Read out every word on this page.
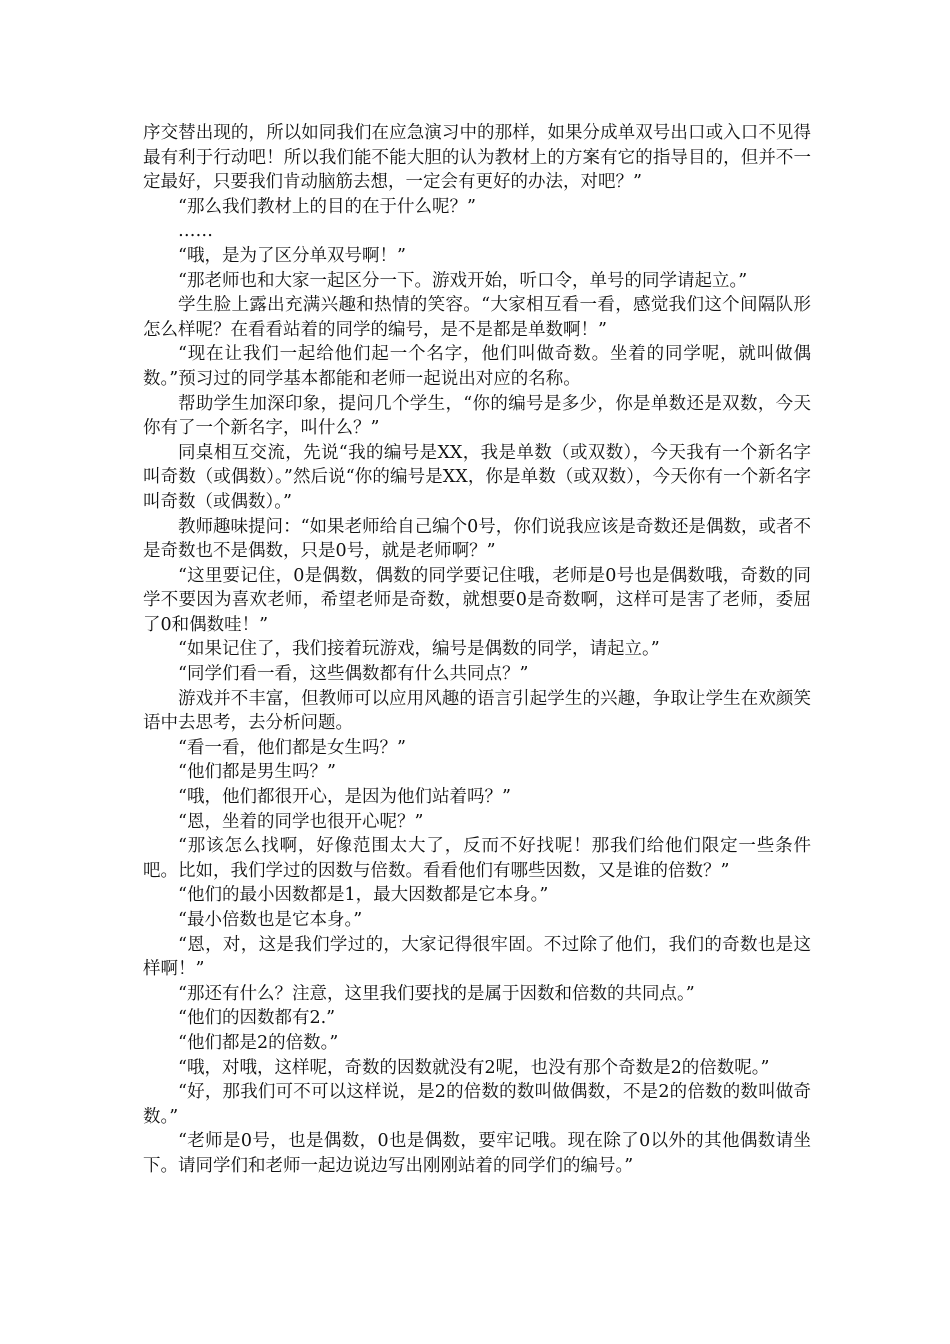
序交替出现的，所以如同我们在应急演习中的那样，如果分成单双号出口或入口不见得最有利于行动吧！所以我们能不能大胆的认为教材上的方案有它的指导目的，但并不一定最好，只要我们肯动脑筋去想，一定会有更好的办法，对吧？”

“那么我们教材上的目的在于什么呢？”

……

“哦，是为了区分单双号啊！”

“那老师也和大家一起区分一下。游戏开始，听口令，单号的同学请起立。”

学生脸上露出充满兴趣和热情的笑容。“大家相互看一看，感觉我们这个间隔队形怎么样呢？在看看站着的同学的编号，是不是都是单数啊！”

“现在让我们一起给他们起一个名字，他们叫做奇数。坐着的同学呢，就叫做偶数。”预习过的同学基本都能和老师一起说出对应的名称。

帮助学生加深印象，提问几个学生，“你的编号是多少，你是单数还是双数，今天你有了一个新名字，叫什么？”

同桌相互交流，先说“我的编号是XX，我是单数（或双数），今天我有一个新名字叫奇数（或偶数）。”然后说“你的编号是XX，你是单数（或双数），今天你有一个新名字叫奇数（或偶数）。”

教师趣味提问：“如果老师给自己编个0号，你们说我应该是奇数还是偶数，或者不是奇数也不是偶数，只是0号，就是老师啊？”

“这里要记住，0是偶数，偶数的同学要记住哦，老师是0号也是偶数哦，奇数的同学不要因为喜欢老师，希望老师是奇数，就想要0是奇数啊，这样可是害了老师，委屈了0和偶数哇！”

“如果记住了，我们接着玩游戏，编号是偶数的同学，请起立。”

“同学们看一看，这些偶数都有什么共同点？”

游戏并不丰富，但教师可以应用风趣的语言引起学生的兴趣，争取让学生在欢颜笑语中去思考，去分析问题。

“看一看，他们都是女生吗？”

“他们都是男生吗？”

“哦，他们都很开心，是因为他们站着吗？”

“恩，坐着的同学也很开心呢？”

“那该怎么找啊，好像范围太大了，反而不好找呢！那我们给他们限定一些条件吧。比如，我们学过的因数与倍数。看看他们有哪些因数，又是谁的倍数？”

“他们的最小因数都是1，最大因数都是它本身。”

“最小倍数也是它本身。”

“恩，对，这是我们学过的，大家记得很牢固。不过除了他们，我们的奇数也是这样啊！”

“那还有什么？注意，这里我们要找的是属于因数和倍数的共同点。”

“他们的因数都有2.”

“他们都是2的倍数。”

“哦，对哦，这样呢，奇数的因数就没有2呢，也没有那个奇数是2的倍数呢。”

“好，那我们可不可以这样说，是2的倍数的数叫做偶数，不是2的倍数的数叫做奇数。”

“老师是0号，也是偶数，0也是偶数，要牢记哦。现在除了0以外的其他偶数请坐下。请同学们和老师一起边说边写出刚刚站着的同学们的编号。”
